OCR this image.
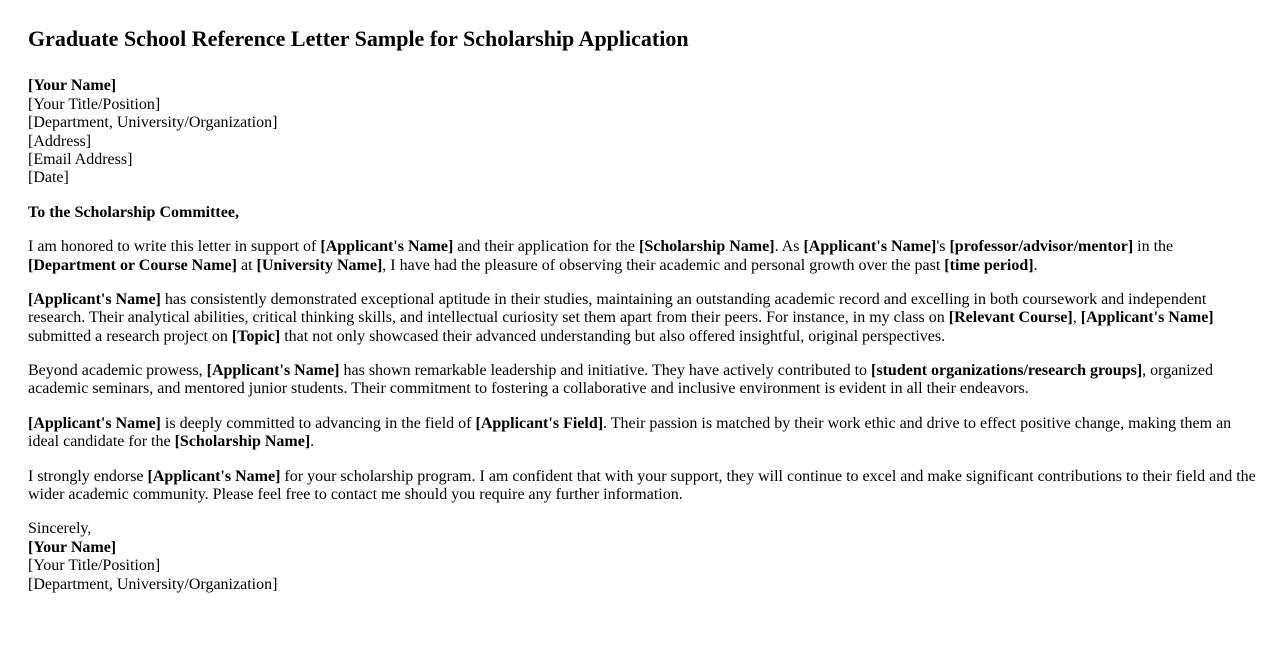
Graduate School Reference Letter Sample for Scholarship Application

[Your Name]
[Your Title/Position]
[Department, University/Organization]
[Address]
[Email Address]
[Date]

To the Scholarship Committee,

I am honored to write this letter in support of [Applicant's Name] and their application for the [Scholarship Name]. As [Applicant's Name]'s [professor/advisor/mentor] in the [Department or Course Name] at [University Name], I have had the pleasure of observing their academic and personal growth over the past [time period].

[Applicant's Name] has consistently demonstrated exceptional aptitude in their studies, maintaining an outstanding academic record and excelling in both coursework and independent research. Their analytical abilities, critical thinking skills, and intellectual curiosity set them apart from their peers. For instance, in my class on [Relevant Course], [Applicant's Name] submitted a research project on [Topic] that not only showcased their advanced understanding but also offered insightful, original perspectives.

Beyond academic prowess, [Applicant's Name] has shown remarkable leadership and initiative. They have actively contributed to [student organizations/research groups], organized academic seminars, and mentored junior students. Their commitment to fostering a collaborative and inclusive environment is evident in all their endeavors.

[Applicant's Name] is deeply committed to advancing in the field of [Applicant's Field]. Their passion is matched by their work ethic and drive to effect positive change, making them an ideal candidate for the [Scholarship Name].

I strongly endorse [Applicant's Name] for your scholarship program. I am confident that with your support, they will continue to excel and make significant contributions to their field and the wider academic community. Please feel free to contact me should you require any further information.

Sincerely,
[Your Name]
[Your Title/Position]
[Department, University/Organization]
